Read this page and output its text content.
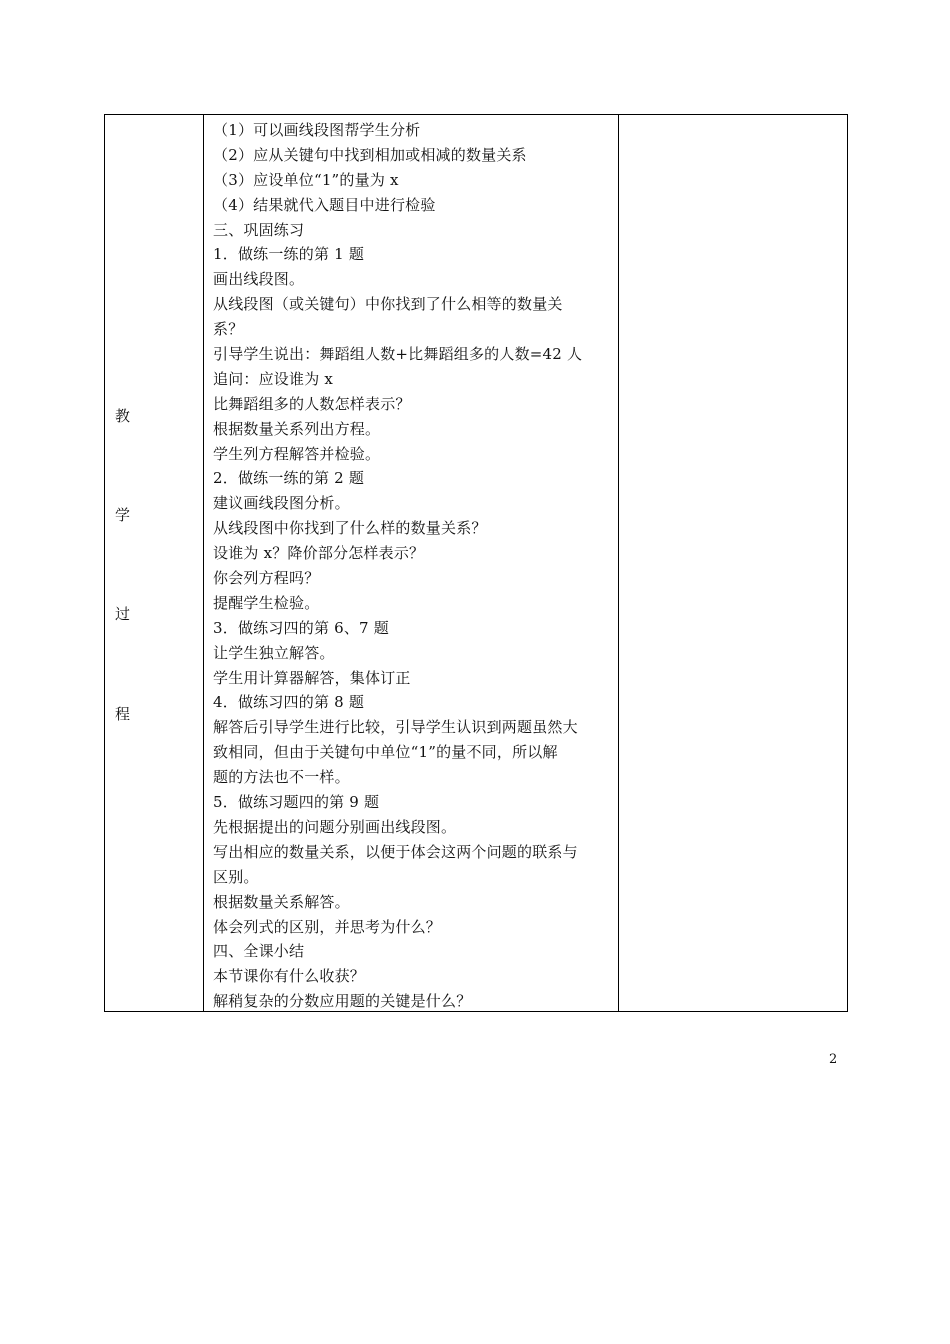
教
学
过
程
（1）可以画线段图帮学生分析
（2）应从关键句中找到相加或相减的数量关系
（3）应设单位“1”的量为 x
（4）结果就代入题目中进行检验
三、巩固练习
1．做练一练的第 1 题
画出线段图。
从线段图（或关键句）中你找到了什么相等的数量关
系？
引导学生说出：舞蹈组人数+比舞蹈组多的人数=42 人
追问：应设谁为 x
比舞蹈组多的人数怎样表示？
根据数量关系列出方程。
学生列方程解答并检验。
2．做练一练的第 2 题
建议画线段图分析。
从线段图中你找到了什么样的数量关系？
设谁为 x？降价部分怎样表示？
你会列方程吗？
提醒学生检验。
3．做练习四的第 6、7 题
让学生独立解答。
学生用计算器解答，集体订正
4．做练习四的第 8 题
解答后引导学生进行比较，引导学生认识到两题虽然大
致相同，但由于关键句中单位“1”的量不同，所以解
题的方法也不一样。
5．做练习题四的第 9 题
先根据提出的问题分别画出线段图。
写出相应的数量关系，以便于体会这两个问题的联系与
区别。
根据数量关系解答。
体会列式的区别，并思考为什么？
四、全课小结
本节课你有什么收获？
解稍复杂的分数应用题的关键是什么？
2
